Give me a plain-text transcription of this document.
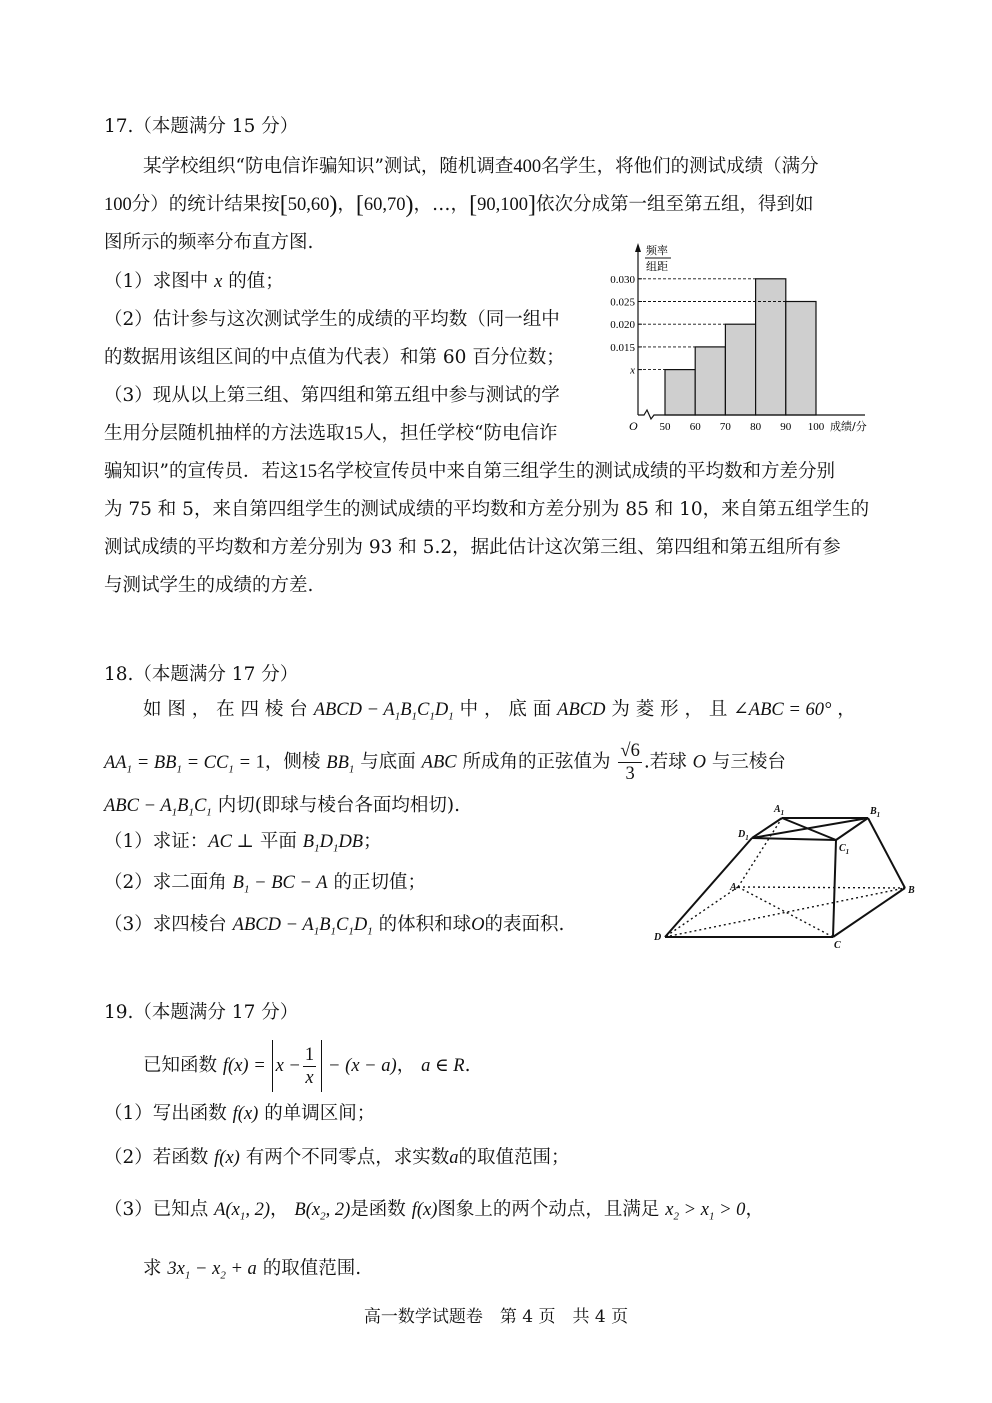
17.（本题满分 15 分）
某学校组织“防电信诈骗知识”测试，随机调查400名学生，将他们的测试成绩（满分
100分）的统计结果按[50,60)，[60,70)，…，[90,100]依次分成第一组至第五组，得到如
图所示的频率分布直方图.
（1）求图中 x 的值；
（2）估计参与这次测试学生的成绩的平均数（同一组中
的数据用该组区间的中点值为代表）和第 60 百分位数；
（3）现从以上第三组、第四组和第五组中参与测试的学
生用分层随机抽样的方法选取15人，担任学校“防电信诈
骗知识”的宣传员．若这15名学校宣传员中来自第三组学生的测试成绩的平均数和方差分别
为 75 和 5，来自第四组学生的测试成绩的平均数和方差分别为 85 和 10，来自第五组学生的
测试成绩的平均数和方差分别为 93 和 5.2，据此估计这次第三组、第四组和第五组所有参
与测试学生的成绩的方差.
0.030
0.025
0.020
0.015
x
频率
组距
O 50 60 70 80 90 100 成绩/分
18.（本题满分 17 分）
如 图 ， 在 四 棱 台 ABCD − $A_1B_1C_1D_1$ 中 ， 底 面 ABCD 为 菱 形 ， 且 ∠ABC = 60° ，
$AA_1 = BB_1 = CC_1 = 1$，侧棱 $BB_1$ 与底面 ABC 所成角的正弦值为 $\frac{√6}{3}$ .若球 O 与三棱台
ABC − $A_1B_1C_1$ 内切(即球与棱台各面均相切).
（1）求证：AC ⊥ 平面 $B_1D_1DB$；
（2）求二面角 $B_1$ − BC − A 的正切值；
（3）求四棱台 ABCD − $A_1B_1C_1D_1$ 的体积和球O的表面积.
$A_1$	$B_1$
$C_1$
$D_1$
A	B
C
D
19.（本题满分 17 分）
已知函数 $f(x) = x - \frac{1}{x} - (x - a)$， a ∈ R.
（1）写出函数 f(x) 的单调区间；
（2）若函数 f(x) 有两个不同零点，求实数a的取值范围；
（3）已知点 $A(x_1$, 2)， $B(x_2$, 2)是函数 f(x)图象上的两个动点，且满足 $x_2 > x_1 > 0$，
求 $3x_1 - x_2 + a$ 的取值范围.
高一数学试题卷　第 4 页　共 4 页
